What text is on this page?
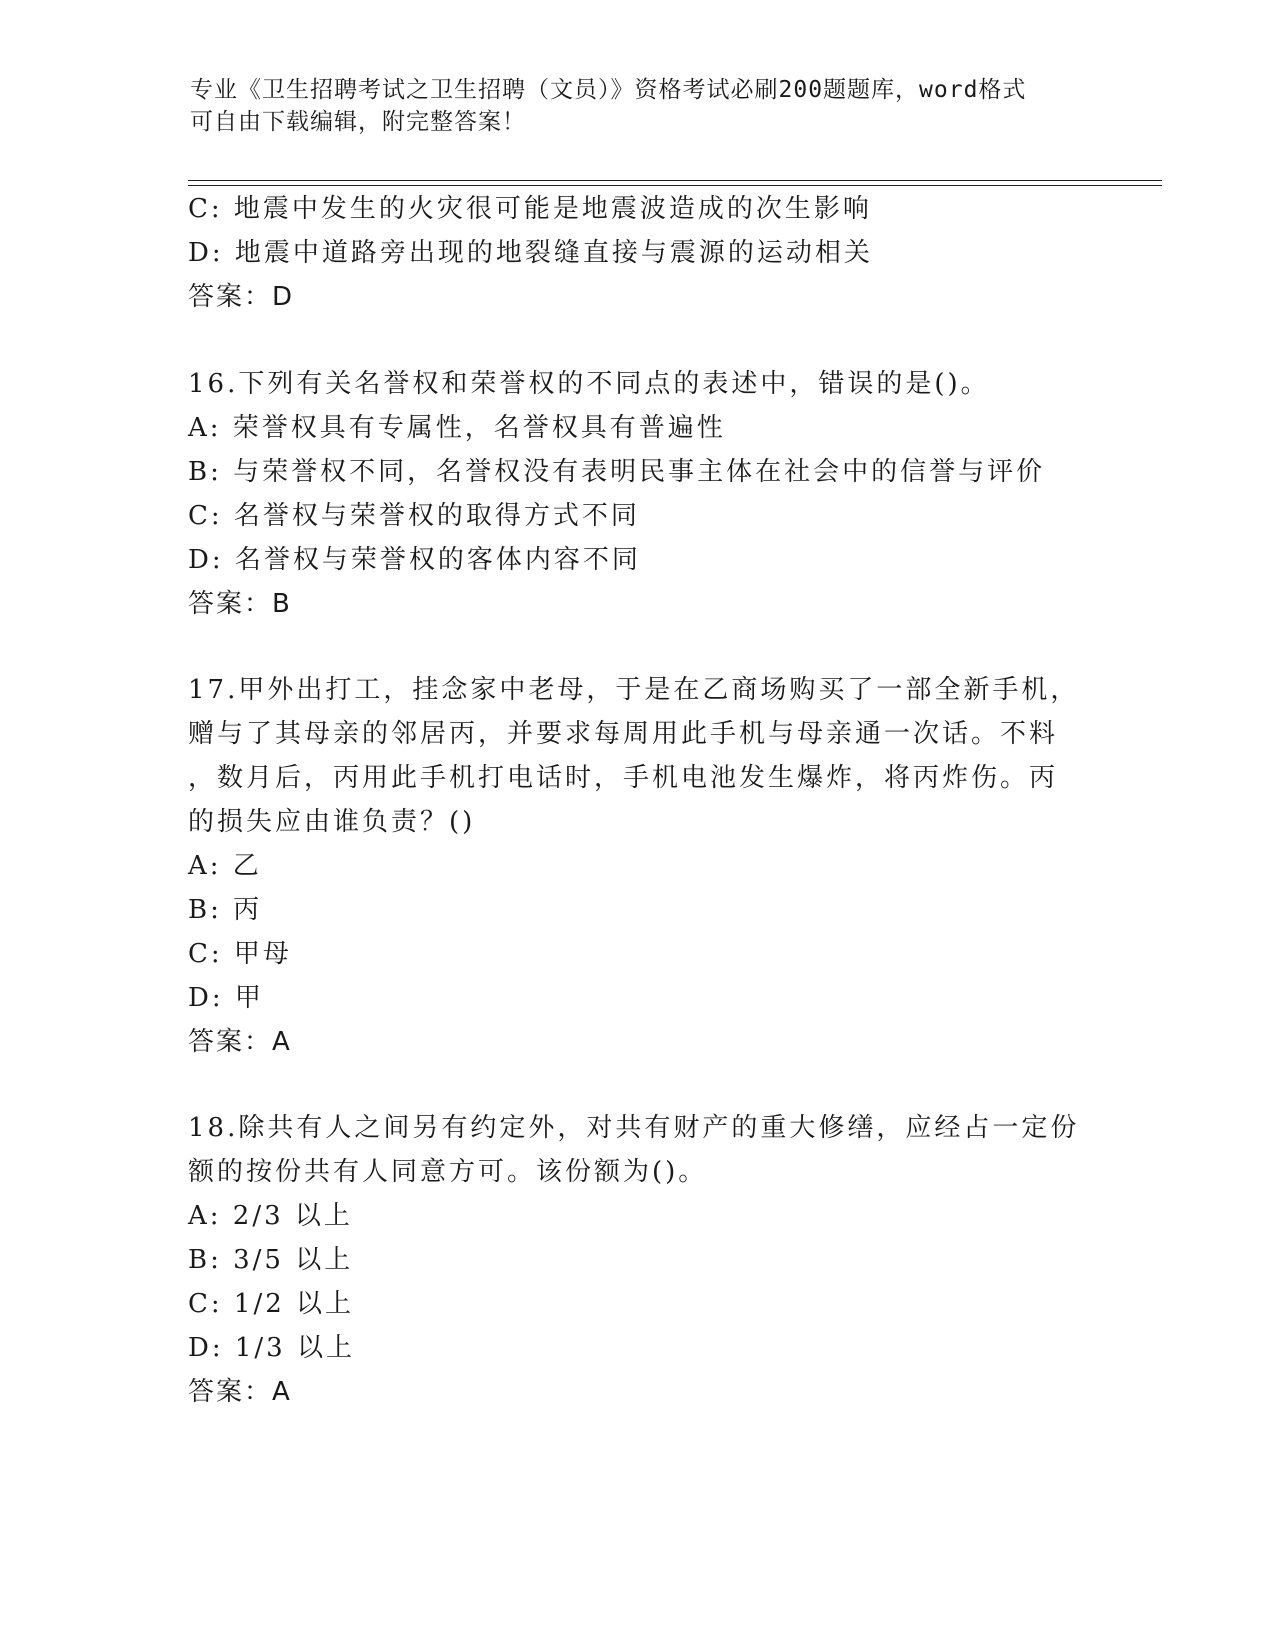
专业《卫生招聘考试之卫生招聘（文员）》资格考试必刷200题题库，word格式
可自由下载编辑，附完整答案！
C: 地震中发生的火灾很可能是地震波造成的次生影响
D: 地震中道路旁出现的地裂缝直接与震源的运动相关
答案：D
16.下列有关名誉权和荣誉权的不同点的表述中，错误的是()。
A: 荣誉权具有专属性，名誉权具有普遍性
B: 与荣誉权不同，名誉权没有表明民事主体在社会中的信誉与评价
C: 名誉权与荣誉权的取得方式不同
D: 名誉权与荣誉权的客体内容不同
答案：B
17.甲外出打工，挂念家中老母，于是在乙商场购买了一部全新手机，
赠与了其母亲的邻居丙，并要求每周用此手机与母亲通一次话。不料
，数月后，丙用此手机打电话时，手机电池发生爆炸，将丙炸伤。丙
的损失应由谁负责？()
A: 乙
B: 丙
C: 甲母
D: 甲
答案：A
18.除共有人之间另有约定外，对共有财产的重大修缮，应经占一定份
额的按份共有人同意方可。该份额为()。
A: 2/3 以上
B: 3/5 以上
C: 1/2 以上
D: 1/3 以上
答案：A
